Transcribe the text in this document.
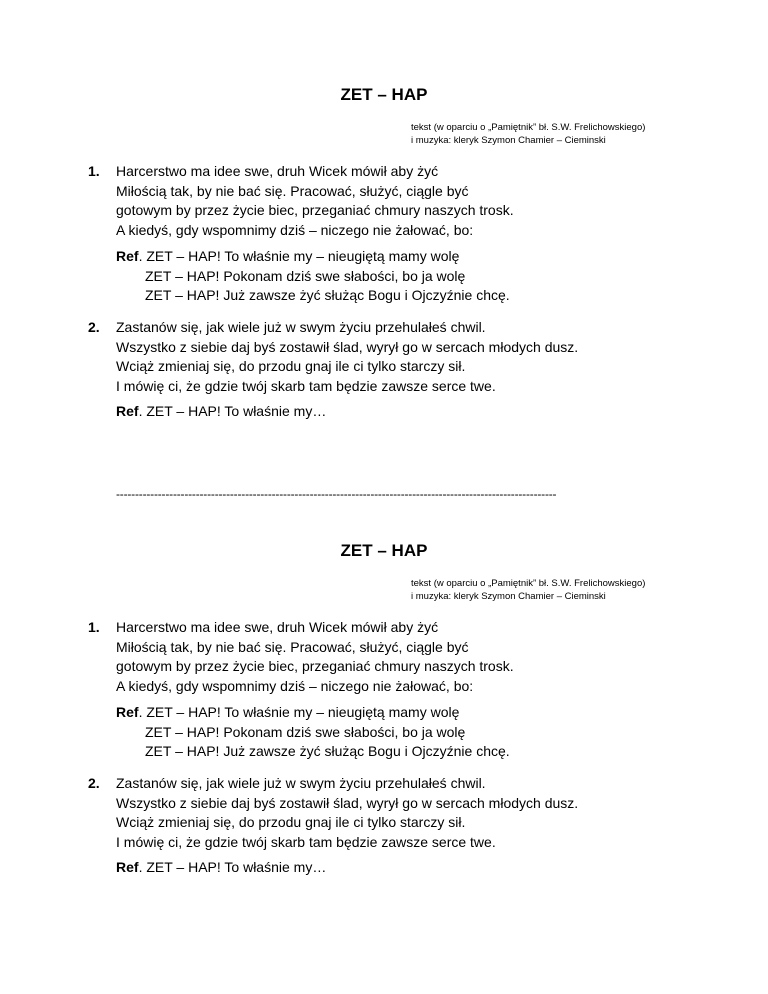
ZET – HAP
tekst (w oparciu o „Pamiętnik” bł. S.W. Frelichowskiego)
i muzyka: kleryk Szymon Chamier – Cieminski
1. Harcerstwo ma idee swe, druh Wicek mówił aby żyć
Miłością tak, by nie bać się. Pracować, służyć, ciągle być
gotowym by przez życie biec, przeganiać chmury naszych trosk.
A kiedyś, gdy wspomnimy dziś – niczego nie żałować, bo:
Ref. ZET – HAP! To właśnie my – nieugiętą mamy wolę
ZET – HAP! Pokonam dziś swe słabości, bo ja wolę
ZET – HAP! Już zawsze żyć służąc Bogu i Ojczyźnie chcę.
2. Zastanów się, jak wiele już w swym życiu przehulałeś chwil.
Wszystko z siebie daj byś zostawił ślad, wyrył go w sercach młodych dusz.
Wciąż zmieniaj się, do przodu gnaj ile ci tylko starczy sił.
I mówię ci, że gdzie twój skarb tam będzie zawsze serce twe.
Ref. ZET – HAP! To właśnie my…
--------------------------------------------------------------------------------------------------------------------
ZET – HAP
tekst (w oparciu o „Pamiętnik” bł. S.W. Frelichowskiego)
i muzyka: kleryk Szymon Chamier – Cieminski
1. Harcerstwo ma idee swe, druh Wicek mówił aby żyć
Miłością tak, by nie bać się. Pracować, służyć, ciągle być
gotowym by przez życie biec, przeganiać chmury naszych trosk.
A kiedyś, gdy wspomnimy dziś – niczego nie żałować, bo:
Ref. ZET – HAP! To właśnie my – nieugiętą mamy wolę
ZET – HAP! Pokonam dziś swe słabości, bo ja wolę
ZET – HAP! Już zawsze żyć służąc Bogu i Ojczyźnie chcę.
2. Zastanów się, jak wiele już w swym życiu przehulałeś chwil.
Wszystko z siebie daj byś zostawił ślad, wyrył go w sercach młodych dusz.
Wciąż zmieniaj się, do przodu gnaj ile ci tylko starczy sił.
I mówię ci, że gdzie twój skarb tam będzie zawsze serce twe.
Ref. ZET – HAP! To właśnie my…
